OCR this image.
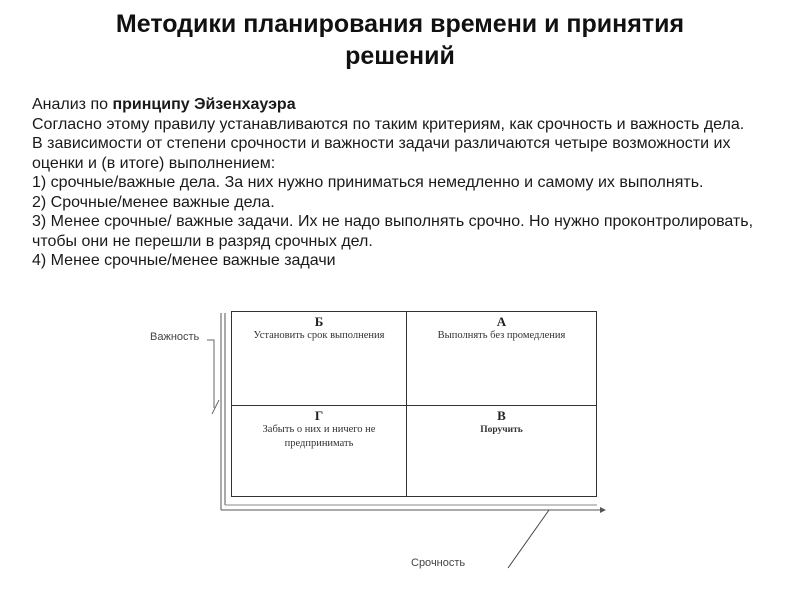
Методики планирования времени и принятия решений

Анализ по принципу Эйзенхауэра

Согласно этому правилу устанавливаются по таким критериям, как срочность и важность дела.

В зависимости от степени срочности и важности задачи различаются четыре возможности их оценки и (в итоге) выполнением:

1) срочные/важные дела. За них нужно приниматься немедленно и самому их выполнять.

2) Срочные/менее важные дела.

3) Менее срочные/ важные задачи. Их не надо выполнять срочно. Но нужно проконтролировать, чтобы они не перешли в разряд срочных дел.

4) Менее срочные/менее важные задачи

Важность
Срочность
Б
Установить срок выполнения
А
Выполнять без промедления
Г
Забыть о них и ничего не предпринимать
В
Поручить
